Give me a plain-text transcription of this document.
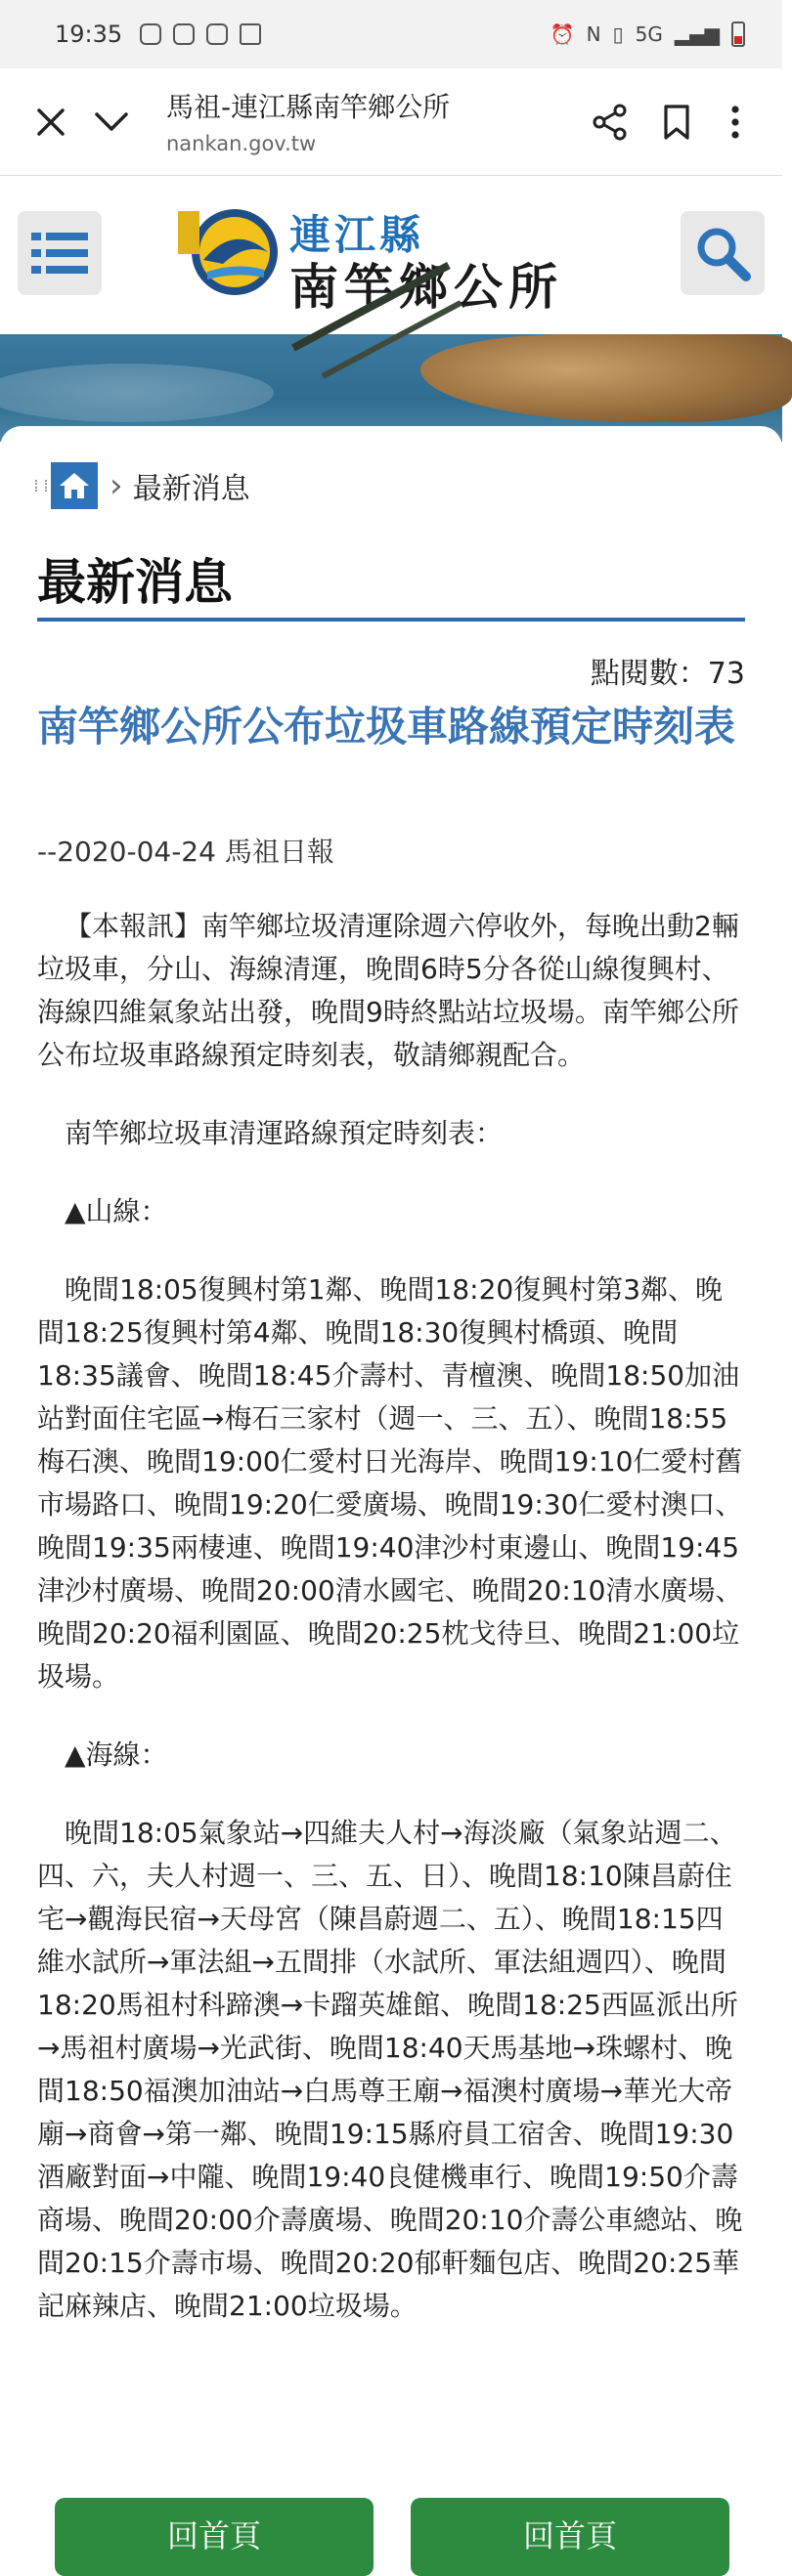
19:35	⏰ N ▯ 5G ▂▄▆
馬祖-連江縣南竿鄉公所
nankan.gov.tw
連江縣
南竿鄉公所
› 最新消息
最新消息
點閱數：73
南竿鄉公所公布垃圾車路線預定時刻表
--2020-04-24 馬祖日報

【本報訊】南竿鄉垃圾清運除週六停收外，每晚出動2輛垃圾車，分山、海線清運，晚間6時5分各從山線復興村、海線四維氣象站出發，晚間9時終點站垃圾場。南竿鄉公所公布垃圾車路線預定時刻表，敬請鄉親配合。

南竿鄉垃圾車清運路線預定時刻表：

▲山線：

晚間18:05復興村第1鄰、晚間18:20復興村第3鄰、晚間18:25復興村第4鄰、晚間18:30復興村橋頭、晚間18:35議會、晚間18:45介壽村、青檀澳、晚間18:50加油站對面住宅區→梅石三家村（週一、三、五）、晚間18:55梅石澳、晚間19:00仁愛村日光海岸、晚間19:10仁愛村舊市場路口、晚間19:20仁愛廣場、晚間19:30仁愛村澳口、晚間19:35兩棲連、晚間19:40津沙村東邊山、晚間19:45津沙村廣場、晚間20:00清水國宅、晚間20:10清水廣場、晚間20:20福利園區、晚間20:25枕戈待旦、晚間21:00垃圾場。

▲海線：

晚間18:05氣象站→四維夫人村→海淡廠（氣象站週二、四、六，夫人村週一、三、五、日）、晚間18:10陳昌蔚住宅→觀海民宿→天母宮（陳昌蔚週二、五）、晚間18:15四維水試所→軍法組→五間排（水試所、軍法組週四）、晚間18:20馬祖村科蹄澳→卡蹓英雄館、晚間18:25西區派出所→馬祖村廣場→光武街、晚間18:40天馬基地→珠螺村、晚間18:50福澳加油站→白馬尊王廟→福澳村廣場→華光大帝廟→商會→第一鄰、晚間19:15縣府員工宿舍、晚間19:30酒廠對面→中隴、晚間19:40良健機車行、晚間19:50介壽商場、晚間20:00介壽廣場、晚間20:10介壽公車總站、晚間20:15介壽市場、晚間20:20郁軒麵包店、晚間20:25華記麻辣店、晚間21:00垃圾場。

回首頁	回首頁
